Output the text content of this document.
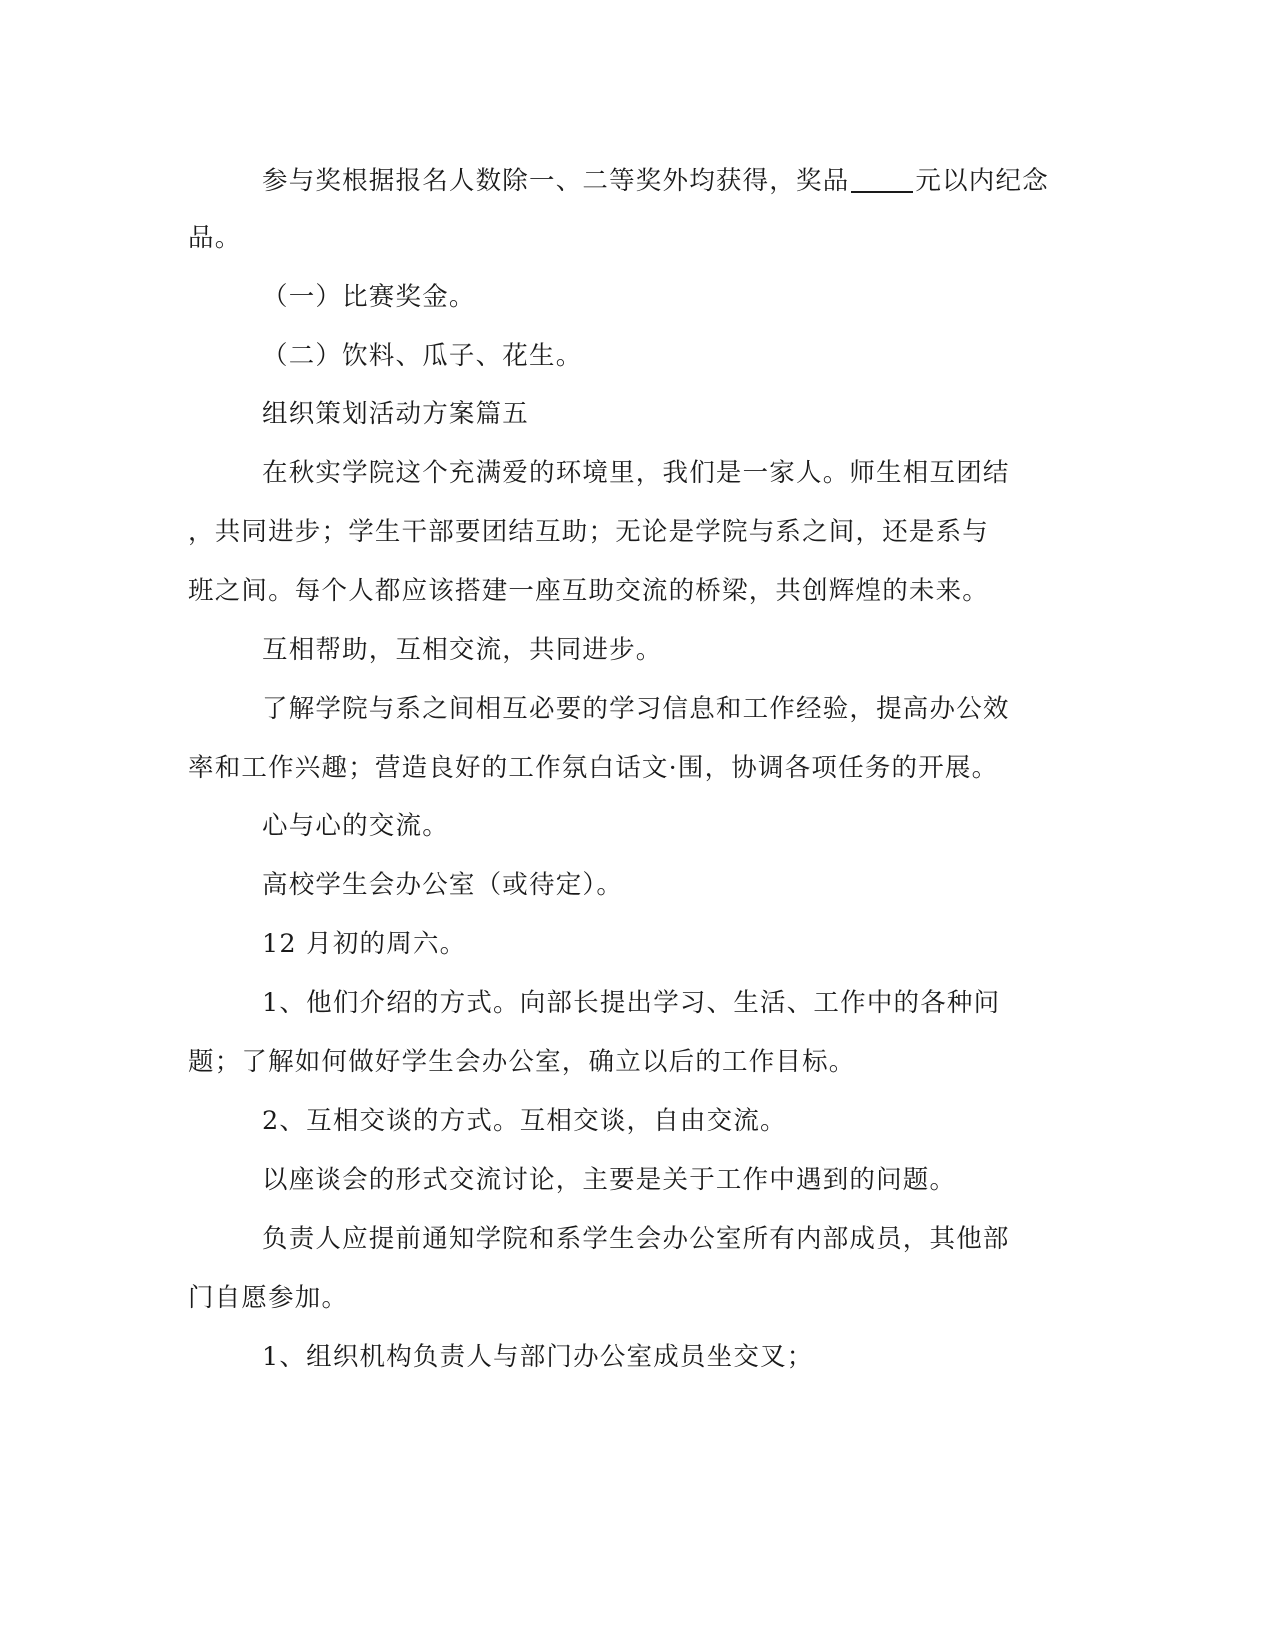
参与奖根据报名人数除一、二等奖外均获得，奖品	元以内纪念
品。
（一）比赛奖金。
（二）饮料、瓜子、花生。
组织策划活动方案篇五
在秋实学院这个充满爱的环境里，我们是一家人。师生相互团结
，共同进步；学生干部要团结互助；无论是学院与系之间，还是系与
班之间。每个人都应该搭建一座互助交流的桥梁，共创辉煌的未来。
互相帮助，互相交流，共同进步。
了解学院与系之间相互必要的学习信息和工作经验，提高办公效
率和工作兴趣；营造良好的工作氛白话文·围，协调各项任务的开展。
心与心的交流。
高校学生会办公室（或待定）。
12 月初的周六。
1、他们介绍的方式。向部长提出学习、生活、工作中的各种问
题；了解如何做好学生会办公室，确立以后的工作目标。
2、互相交谈的方式。互相交谈，自由交流。
以座谈会的形式交流讨论，主要是关于工作中遇到的问题。
负责人应提前通知学院和系学生会办公室所有内部成员，其他部
门自愿参加。
1、组织机构负责人与部门办公室成员坐交叉；
